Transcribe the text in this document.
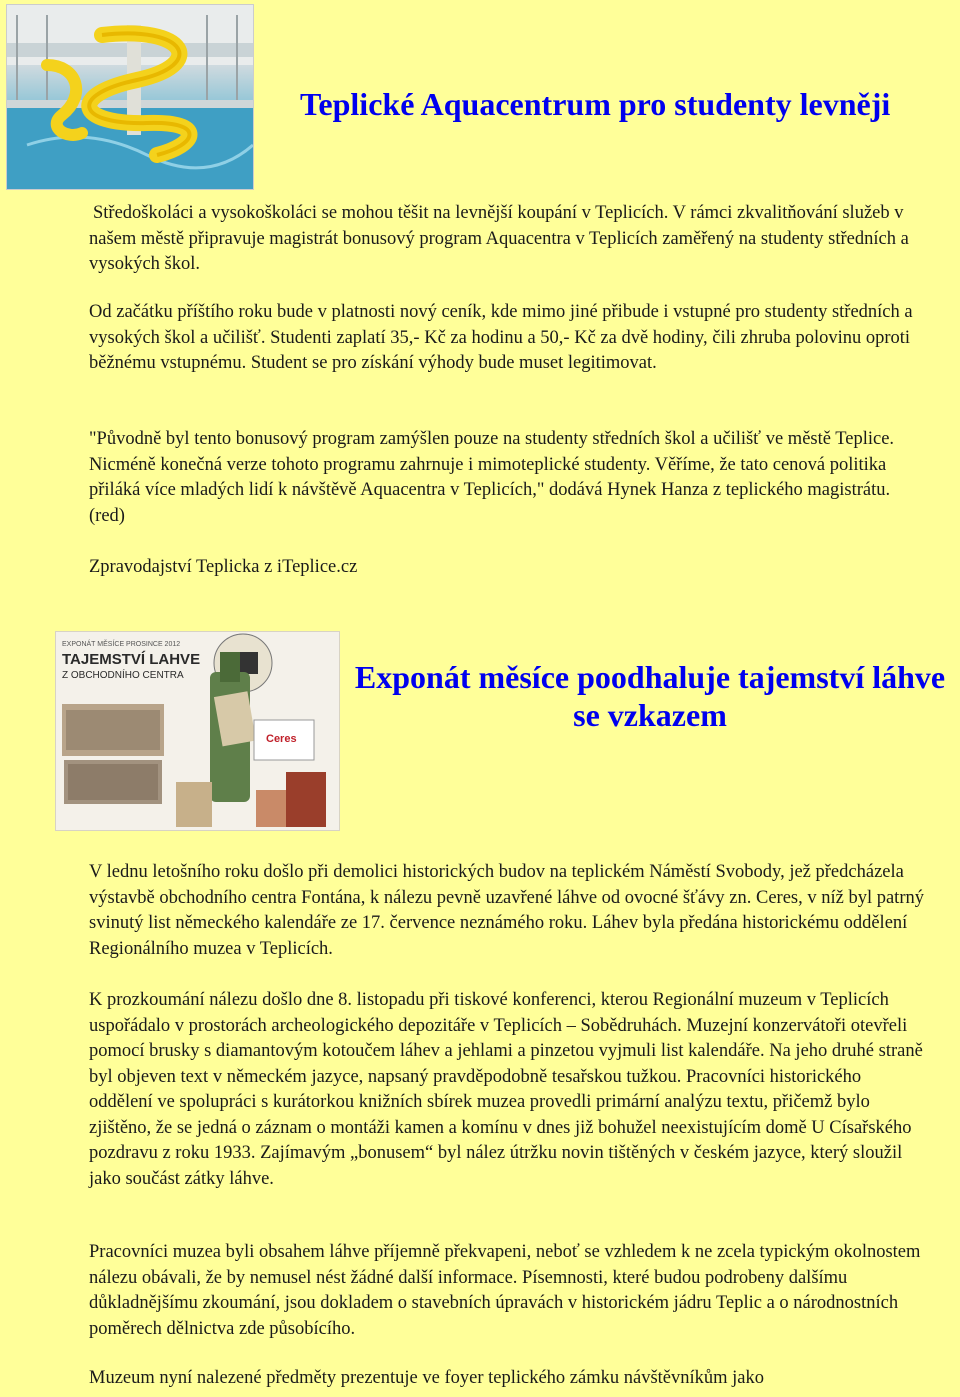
Teplické Aquacentrum pro studenty levněji

Středoškoláci a vysokoškoláci se mohou těšit na levnější koupání v Teplicích. V rámci zkvalitňování služeb v našem městě připravuje magistrát bonusový program Aquacentra v Teplicích zaměřený na studenty středních a vysokých škol.

Od začátku příštího roku bude v platnosti nový ceník, kde mimo jiné přibude i vstupné pro studenty středních a vysokých škol a učilišť. Studenti zaplatí 35,- Kč za hodinu a 50,- Kč za dvě hodiny, čili zhruba polovinu oproti běžnému vstupnému. Student se pro získání výhody bude muset legitimovat.

"Původně byl tento bonusový program zamýšlen pouze na studenty středních škol a učilišť ve městě Teplice. Nicméně konečná verze tohoto programu zahrnuje i mimoteplické studenty. Věříme, že tato cenová politika přiláká více mladých lidí k návštěvě Aquacentra v Teplicích," dodává Hynek Hanza z teplického magistrátu. (red)

Zpravodajství Teplicka z iTeplice.cz

EXPONÁT MĚSÍCE PROSINCE 2012
TAJEMSTVÍ LAHVE
Z OBCHODNÍHO CENTRA
Ceres
Exponát měsíce poodhaluje tajemství láhve se vzkazem

V lednu letošního roku došlo při demolici historických budov na teplickém Náměstí Svobody, jež předcházela výstavbě obchodního centra Fontána, k nálezu pevně uzavřené láhve od ovocné šťávy zn. Ceres, v níž byl patrný svinutý list německého kalendáře ze 17. července neznámého roku. Láhev byla předána historickému oddělení Regionálního muzea v Teplicích.

K prozkoumání nálezu došlo dne 8. listopadu při tiskové konferenci, kterou Regionální muzeum v Teplicích uspořádalo v prostorách archeologického depozitáře v Teplicích – Sobědruhách. Muzejní konzervátoři otevřeli pomocí brusky s diamantovým kotoučem láhev a jehlami a pinzetou vyjmuli list kalendáře. Na jeho druhé straně byl objeven text v německém jazyce, napsaný pravděpodobně tesařskou tužkou. Pracovníci historického oddělení ve spolupráci s kurátorkou knižních sbírek muzea provedli primární analýzu textu, přičemž bylo zjištěno, že se jedná o záznam o montáži kamen a komínu v dnes již bohužel neexistujícím domě U Císařského pozdravu z roku 1933. Zajímavým „bonusem“ byl nález útržku novin tištěných v českém jazyce, který sloužil jako součást zátky láhve.

Pracovníci muzea byli obsahem láhve příjemně překvapeni, neboť se vzhledem k ne zcela typickým okolnostem nálezu obávali, že by nemusel nést žádné další informace. Písemnosti, které budou podrobeny dalšímu důkladnějšímu zkoumání, jsou dokladem o stavebních úpravách v historickém jádru Teplic a o národnostních poměrech dělnictva zde působícího.

Muzeum nyní nalezené předměty prezentuje ve foyer teplického zámku návštěvníkům jako
